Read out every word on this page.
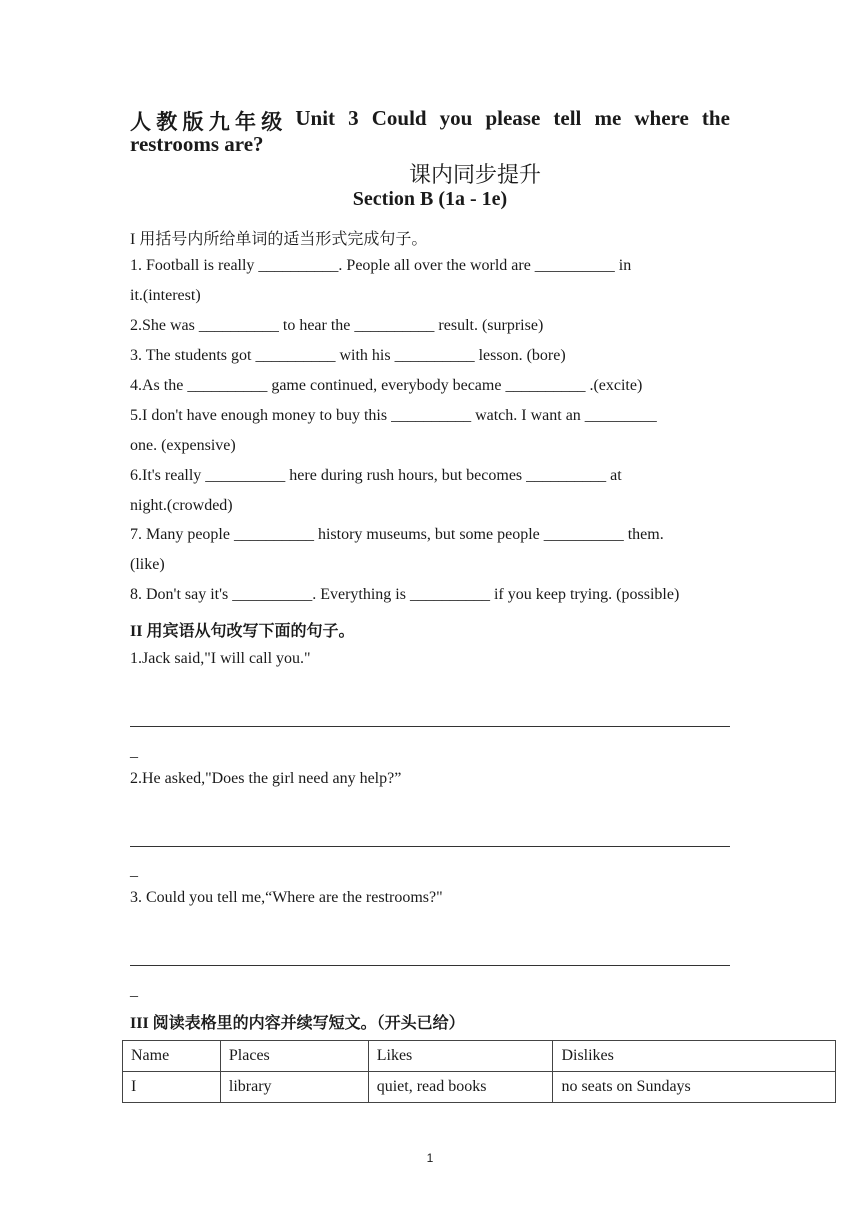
人 教 版 九 年 级 Unit 3 Could you please tell me where the
restrooms are?
课内同步提升
Section B (1a - 1e)
I 用括号内所给单词的适当形式完成句子。
1. Football is really __________. People all over the world are __________ in
it.(interest)
2.She was __________ to hear the __________ result. (surprise)
3. The students got __________ with his __________ lesson. (bore)
4.As the __________ game continued, everybody became __________ .(excite)
5.I don't have enough money to buy this __________ watch. I want an _________
one. (expensive)
6.It's really __________ here during rush hours, but becomes __________ at
night.(crowded)
7. Many people __________ history museums, but some people __________ them.
(like)
8. Don't say it's __________. Everything is __________ if you keep trying. (possible)
II 用宾语从句改写下面的句子。
1.Jack said,"I will call you."
_
2.He asked,"Does the girl need any help?”
_
3. Could you tell me,“Where are the restrooms?"
_
III 阅读表格里的内容并续写短文。（开头已给）
Name	Places	Likes	Dislikes
I	library	quiet, read books	no seats on Sundays
1
